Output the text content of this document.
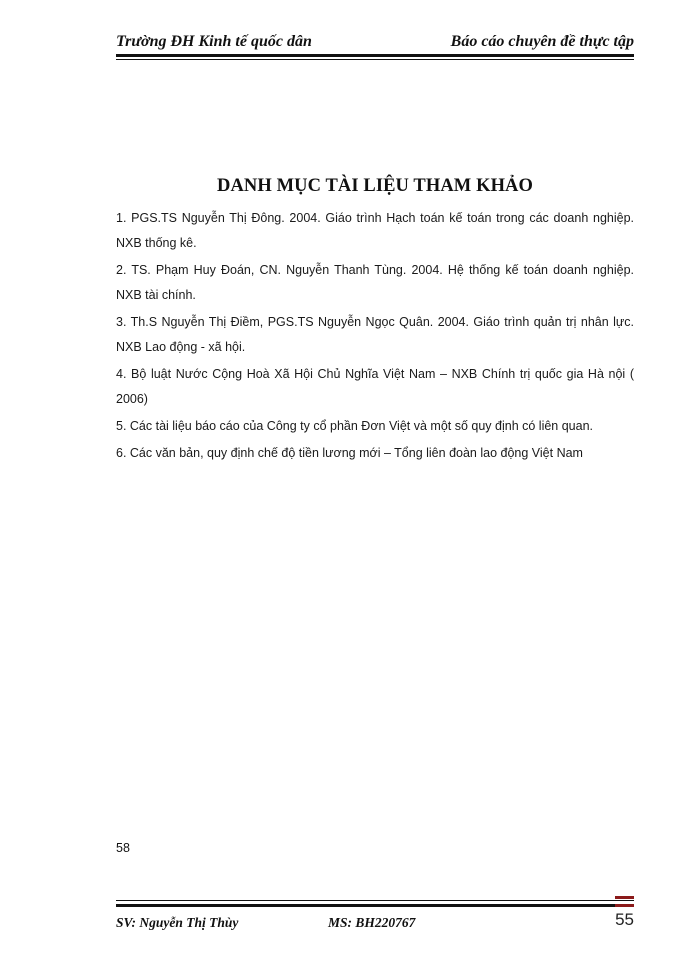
Trường ĐH Kinh tế quốc dân	Báo cáo chuyên đề thực tập
DANH MỤC TÀI LIỆU THAM KHẢO

1. PGS.TS Nguyễn Thị Đông. 2004. Giáo trình Hạch toán kế toán trong các doanh nghiệp. NXB thống kê.

2. TS. Phạm Huy Đoán, CN. Nguyễn Thanh Tùng. 2004. Hệ thống kế toán doanh nghiệp. NXB tài chính.

3. Th.S Nguyễn Thị Điềm, PGS.TS Nguyễn Ngọc Quân. 2004. Giáo trình quản trị nhân lực. NXB Lao động - xã hội.

4. Bộ luật Nước Cộng Hoà Xã Hội Chủ Nghĩa Việt Nam – NXB Chính trị quốc gia Hà nội ( 2006)

5. Các tài liệu báo cáo của Công ty cổ phần Đơn Việt và một số quy định có liên quan.

6. Các văn bản, quy định chế độ tiền lương mới – Tổng liên đoàn lao động Việt Nam

58
SV: Nguyễn Thị Thùy	MS: BH220767	55
